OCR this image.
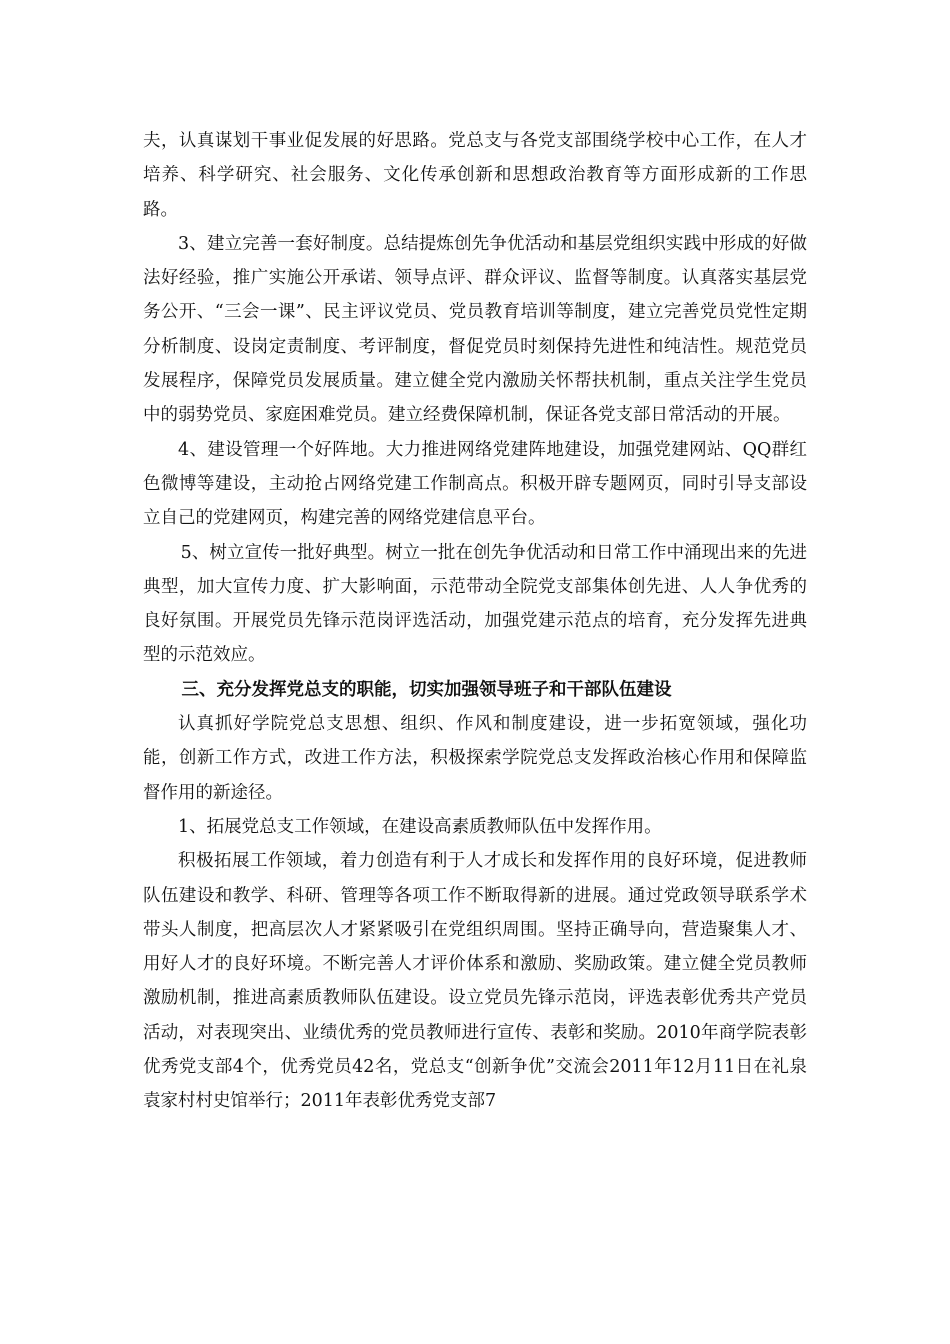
夫，认真谋划干事业促发展的好思路。党总支与各党支部围绕学校中心工作，在人才培养、科学研究、社会服务、文化传承创新和思想政治教育等方面形成新的工作思路。

3、建立完善一套好制度。总结提炼创先争优活动和基层党组织实践中形成的好做法好经验，推广实施公开承诺、领导点评、群众评议、监督等制度。认真落实基层党务公开、“三会一课”、民主评议党员、党员教育培训等制度，建立完善党员党性定期分析制度、设岗定责制度、考评制度，督促党员时刻保持先进性和纯洁性。规范党员发展程序，保障党员发展质量。建立健全党内激励关怀帮扶机制，重点关注学生党员中的弱势党员、家庭困难党员。建立经费保障机制，保证各党支部日常活动的开展。

4、建设管理一个好阵地。大力推进网络党建阵地建设，加强党建网站、QQ群红色微博等建设，主动抢占网络党建工作制高点。积极开辟专题网页，同时引导支部设立自己的党建网页，构建完善的网络党建信息平台。

5、树立宣传一批好典型。树立一批在创先争优活动和日常工作中涌现出来的先进典型，加大宣传力度、扩大影响面，示范带动全院党支部集体创先进、人人争优秀的良好氛围。开展党员先锋示范岗评选活动，加强党建示范点的培育，充分发挥先进典型的示范效应。

三、充分发挥党总支的职能，切实加强领导班子和干部队伍建设

认真抓好学院党总支思想、组织、作风和制度建设，进一步拓宽领域，强化功能，创新工作方式，改进工作方法，积极探索学院党总支发挥政治核心作用和保障监督作用的新途径。

1、拓展党总支工作领域，在建设高素质教师队伍中发挥作用。

积极拓展工作领域，着力创造有利于人才成长和发挥作用的良好环境，促进教师队伍建设和教学、科研、管理等各项工作不断取得新的进展。通过党政领导联系学术带头人制度，把高层次人才紧紧吸引在党组织周围。坚持正确导向，营造聚集人才、用好人才的良好环境。不断完善人才评价体系和激励、奖励政策。建立健全党员教师激励机制，推进高素质教师队伍建设。设立党员先锋示范岗，评选表彰优秀共产党员活动，对表现突出、业绩优秀的党员教师进行宣传、表彰和奖励。2010年商学院表彰优秀党支部4个，优秀党员42名，党总支“创新争优”交流会2011年12月11日在礼泉袁家村村史馆举行；2011年表彰优秀党支部7
